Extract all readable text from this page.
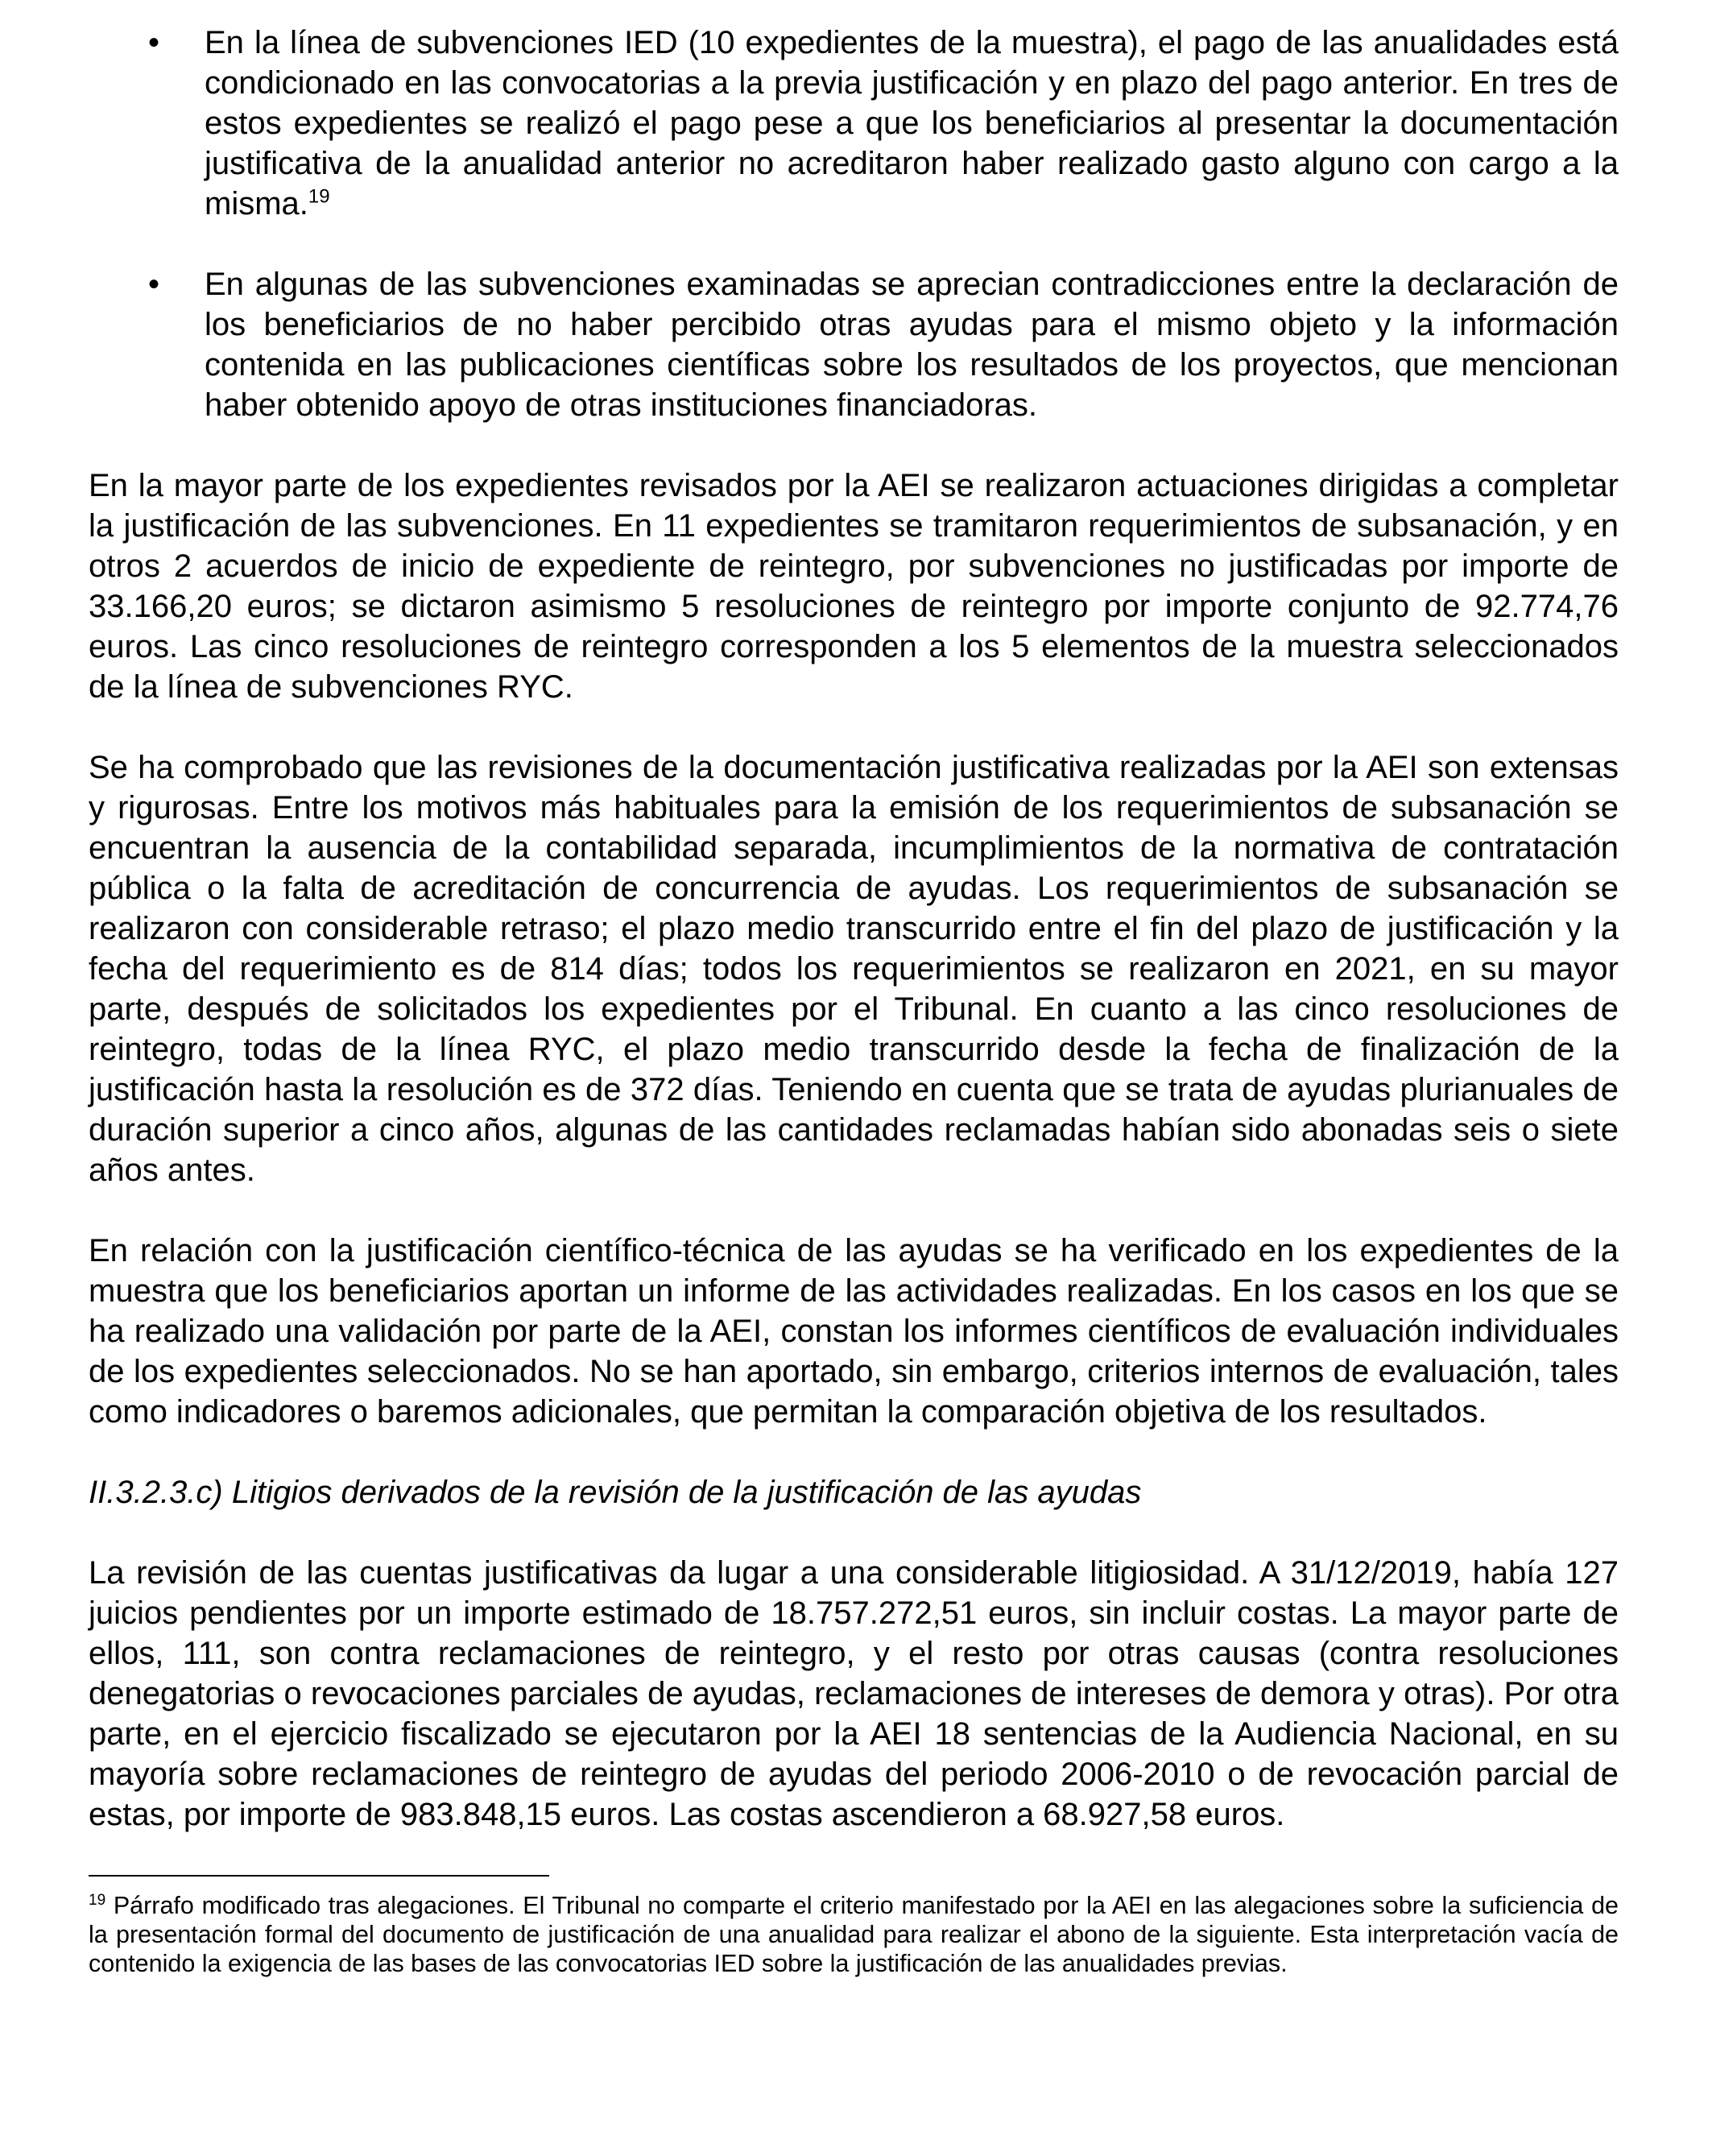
•	En la línea de subvenciones IED (10 expedientes de la muestra), el pago de las anualidades está condicionado en las convocatorias a la previa justificación y en plazo del pago anterior. En tres de estos expedientes se realizó el pago pese a que los beneficiarios al presentar la documentación justificativa de la anualidad anterior no acreditaron haber realizado gasto alguno con cargo a la misma.$^{19}$
•	En algunas de las subvenciones examinadas se aprecian contradicciones entre la declaración de los beneficiarios de no haber percibido otras ayudas para el mismo objeto y la información contenida en las publicaciones científicas sobre los resultados de los proyectos, que mencionan haber obtenido apoyo de otras instituciones financiadoras.

En la mayor parte de los expedientes revisados por la AEI se realizaron actuaciones dirigidas a completar la justificación de las subvenciones. En 11 expedientes se tramitaron requerimientos de subsanación, y en otros 2 acuerdos de inicio de expediente de reintegro, por subvenciones no justificadas por importe de 33.166,20 euros; se dictaron asimismo 5 resoluciones de reintegro por importe conjunto de 92.774,76 euros. Las cinco resoluciones de reintegro corresponden a los 5 elementos de la muestra seleccionados de la línea de subvenciones RYC.

Se ha comprobado que las revisiones de la documentación justificativa realizadas por la AEI son extensas y rigurosas. Entre los motivos más habituales para la emisión de los requerimientos de subsanación se encuentran la ausencia de la contabilidad separada, incumplimientos de la normativa de contratación pública o la falta de acreditación de concurrencia de ayudas. Los requerimientos de subsanación se realizaron con considerable retraso; el plazo medio transcurrido entre el fin del plazo de justificación y la fecha del requerimiento es de 814 días; todos los requerimientos se realizaron en 2021, en su mayor parte, después de solicitados los expedientes por el Tribunal. En cuanto a las cinco resoluciones de reintegro, todas de la línea RYC, el plazo medio transcurrido desde la fecha de finalización de la justificación hasta la resolución es de 372 días. Teniendo en cuenta que se trata de ayudas plurianuales de duración superior a cinco años, algunas de las cantidades reclamadas habían sido abonadas seis o siete años antes.

En relación con la justificación científico-técnica de las ayudas se ha verificado en los expedientes de la muestra que los beneficiarios aportan un informe de las actividades realizadas. En los casos en los que se ha realizado una validación por parte de la AEI, constan los informes científicos de evaluación individuales de los expedientes seleccionados. No se han aportado, sin embargo, criterios internos de evaluación, tales como indicadores o baremos adicionales, que permitan la comparación objetiva de los resultados.

II.3.2.3.c) Litigios derivados de la revisión de la justificación de las ayudas

La revisión de las cuentas justificativas da lugar a una considerable litigiosidad. A 31/12/2019, había 127 juicios pendientes por un importe estimado de 18.757.272,51 euros, sin incluir costas. La mayor parte de ellos, 111, son contra reclamaciones de reintegro, y el resto por otras causas (contra resoluciones denegatorias o revocaciones parciales de ayudas, reclamaciones de intereses de demora y otras). Por otra parte, en el ejercicio fiscalizado se ejecutaron por la AEI 18 sentencias de la Audiencia Nacional, en su mayoría sobre reclamaciones de reintegro de ayudas del periodo 2006-2010 o de revocación parcial de estas, por importe de 983.848,15 euros. Las costas ascendieron a 68.927,58 euros.

$^{19}$ Párrafo modificado tras alegaciones. El Tribunal no comparte el criterio manifestado por la AEI en las alegaciones sobre la suficiencia de la presentación formal del documento de justificación de una anualidad para realizar el abono de la siguiente. Esta interpretación vacía de contenido la exigencia de las bases de las convocatorias IED sobre la justificación de las anualidades previas.
